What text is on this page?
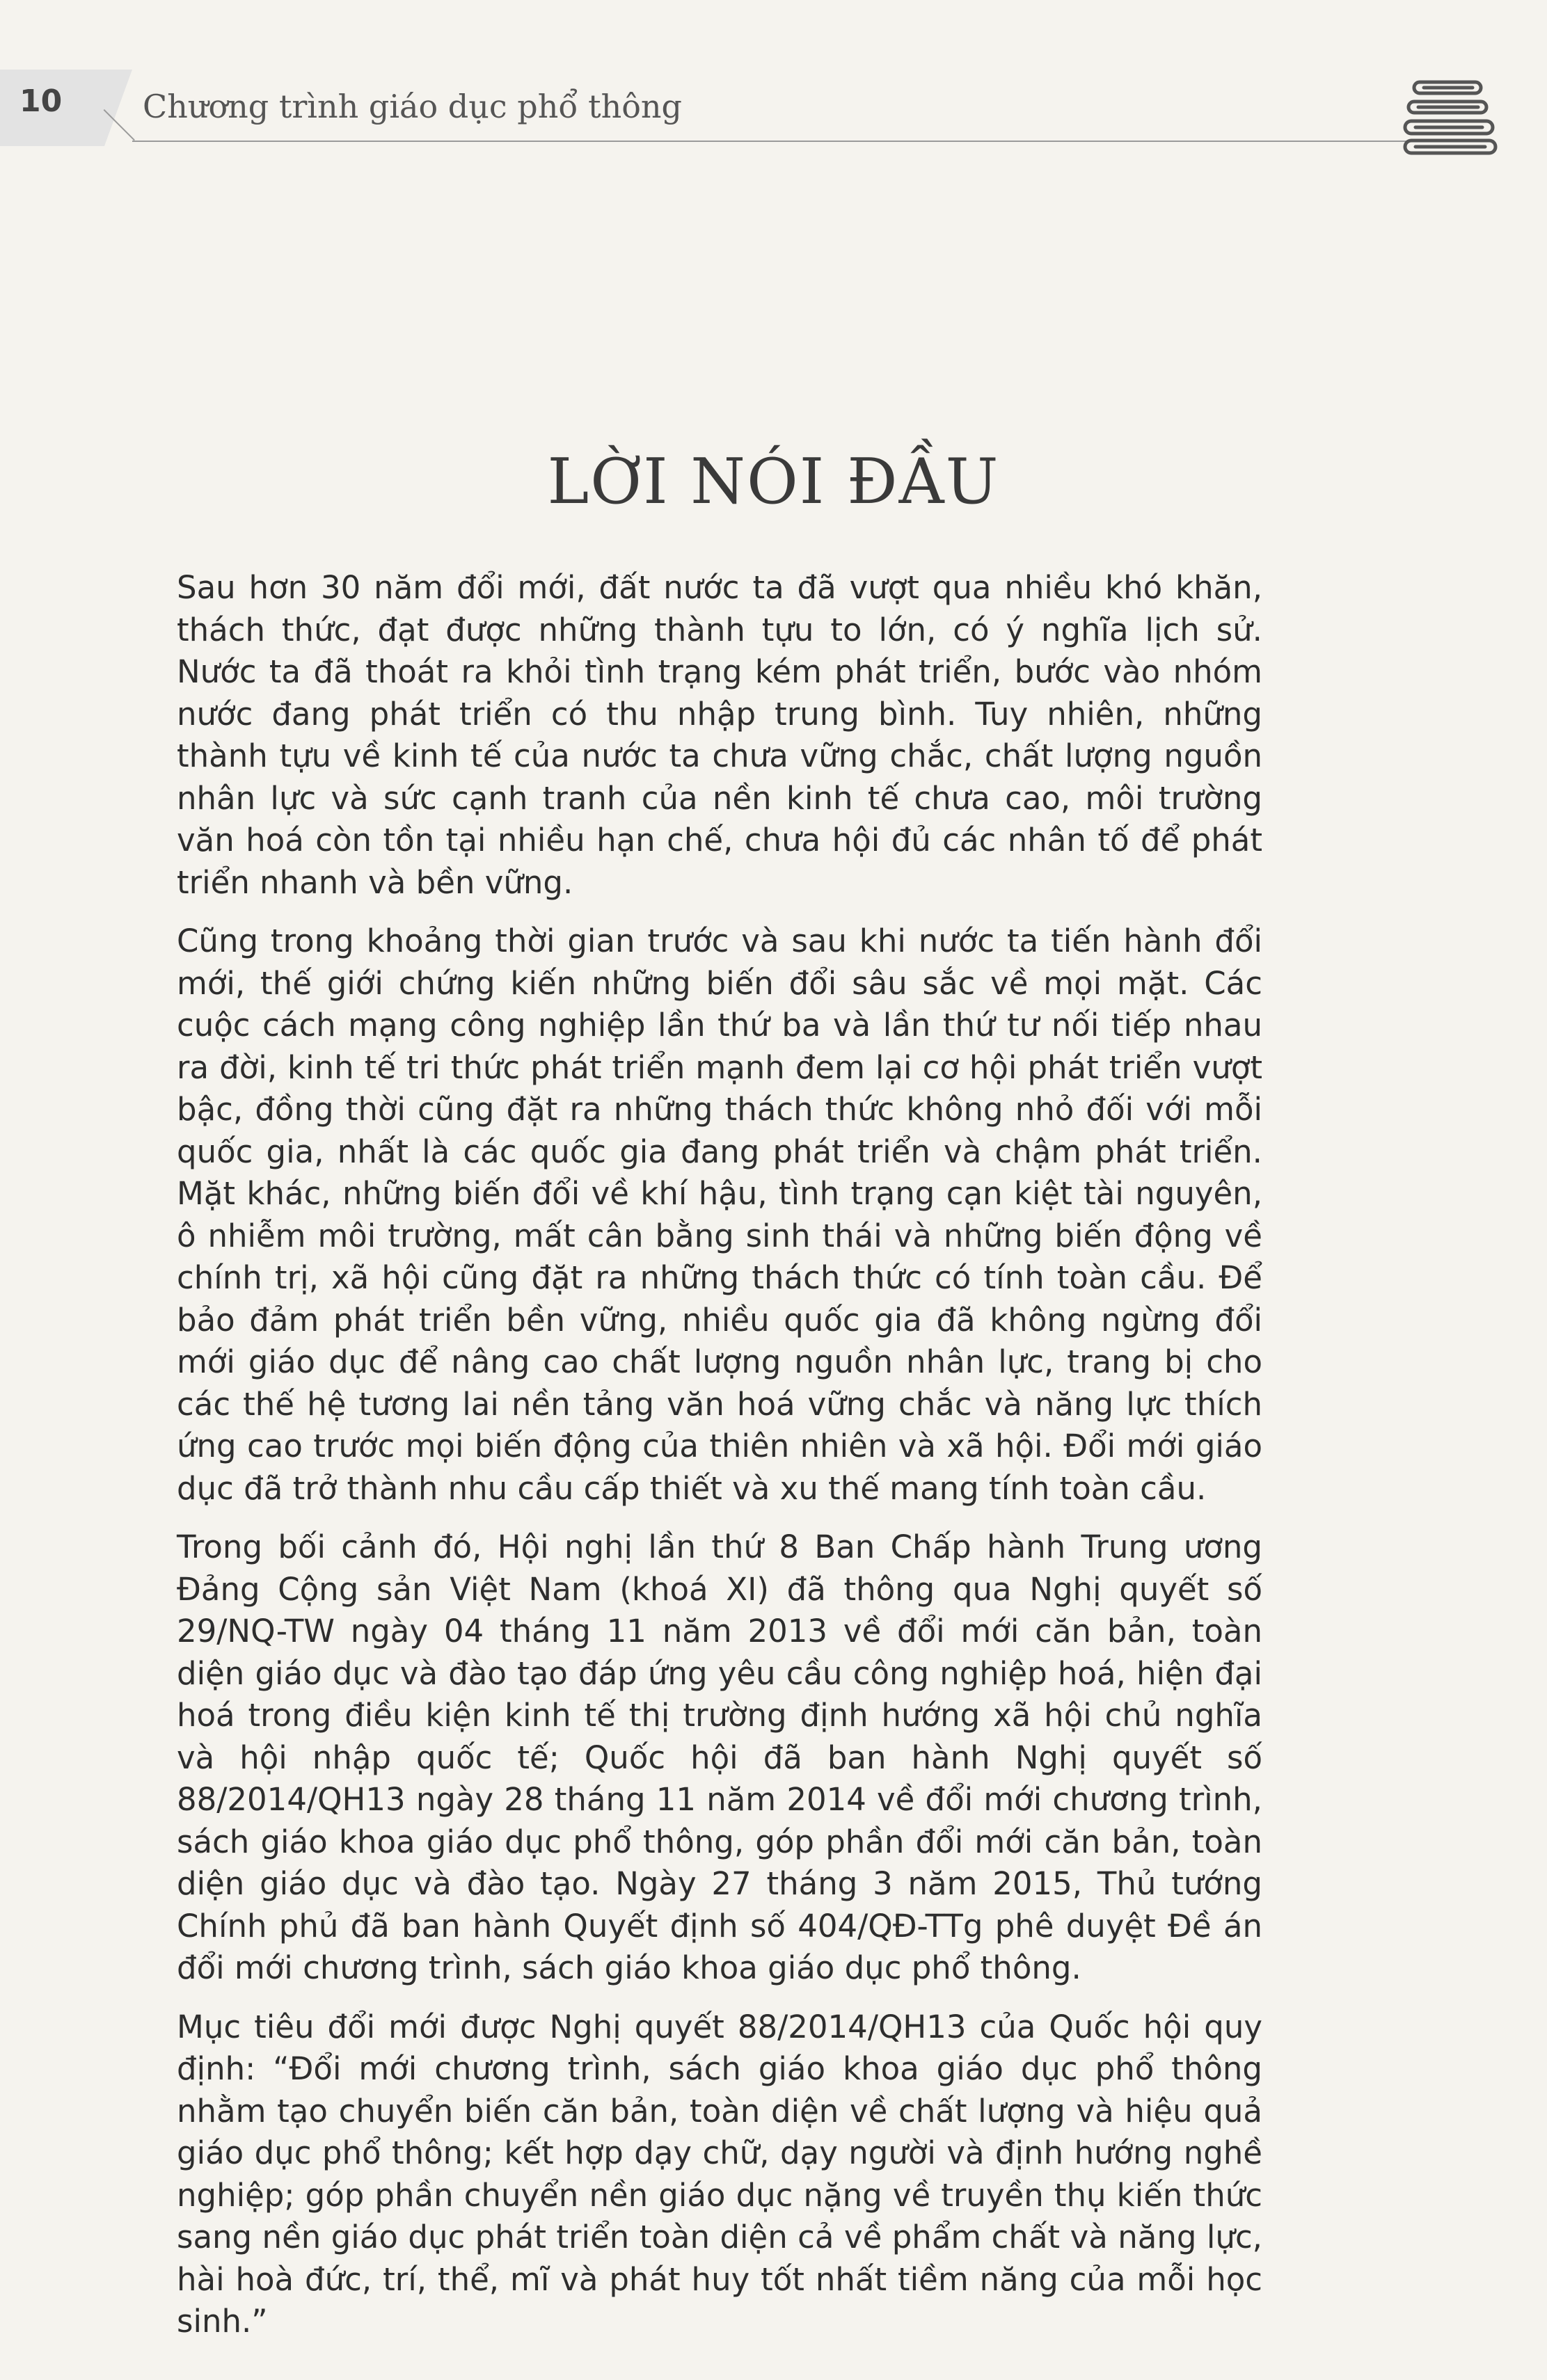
10	Chương trình giáo dục phổ thông
LỜI NÓI ĐẦU

Sau hơn 30 năm đổi mới, đất nước ta đã vượt qua nhiều khó khăn, thách thức, đạt được những thành tựu to lớn, có ý nghĩa lịch sử. Nước ta đã thoát ra khỏi tình trạng kém phát triển, bước vào nhóm nước đang phát triển có thu nhập trung bình. Tuy nhiên, những thành tựu về kinh tế của nước ta chưa vững chắc, chất lượng nguồn nhân lực và sức cạnh tranh của nền kinh tế chưa cao, môi trường văn hoá còn tồn tại nhiều hạn chế, chưa hội đủ các nhân tố để phát triển nhanh và bền vững.

Cũng trong khoảng thời gian trước và sau khi nước ta tiến hành đổi mới, thế giới chứng kiến những biến đổi sâu sắc về mọi mặt. Các cuộc cách mạng công nghiệp lần thứ ba và lần thứ tư nối tiếp nhau ra đời, kinh tế tri thức phát triển mạnh đem lại cơ hội phát triển vượt bậc, đồng thời cũng đặt ra những thách thức không nhỏ đối với mỗi quốc gia, nhất là các quốc gia đang phát triển và chậm phát triển. Mặt khác, những biến đổi về khí hậu, tình trạng cạn kiệt tài nguyên, ô nhiễm môi trường, mất cân bằng sinh thái và những biến động về chính trị, xã hội cũng đặt ra những thách thức có tính toàn cầu. Để bảo đảm phát triển bền vững, nhiều quốc gia đã không ngừng đổi mới giáo dục để nâng cao chất lượng nguồn nhân lực, trang bị cho các thế hệ tương lai nền tảng văn hoá vững chắc và năng lực thích ứng cao trước mọi biến động của thiên nhiên và xã hội. Đổi mới giáo dục đã trở thành nhu cầu cấp thiết và xu thế mang tính toàn cầu.

Trong bối cảnh đó, Hội nghị lần thứ 8 Ban Chấp hành Trung ương Đảng Cộng sản Việt Nam (khoá XI) đã thông qua Nghị quyết số 29/NQ-TW ngày 04 tháng 11 năm 2013 về đổi mới căn bản, toàn diện giáo dục và đào tạo đáp ứng yêu cầu công nghiệp hoá, hiện đại hoá trong điều kiện kinh tế thị trường định hướng xã hội chủ nghĩa và hội nhập quốc tế; Quốc hội đã ban hành Nghị quyết số 88/2014/QH13 ngày 28 tháng 11 năm 2014 về đổi mới chương trình, sách giáo khoa giáo dục phổ thông, góp phần đổi mới căn bản, toàn diện giáo dục và đào tạo. Ngày 27 tháng 3 năm 2015, Thủ tướng Chính phủ đã ban hành Quyết định số 404/QĐ-TTg phê duyệt Đề án đổi mới chương trình, sách giáo khoa giáo dục phổ thông.

Mục tiêu đổi mới được Nghị quyết 88/2014/QH13 của Quốc hội quy định: “Đổi mới chương trình, sách giáo khoa giáo dục phổ thông nhằm tạo chuyển biến căn bản, toàn diện về chất lượng và hiệu quả giáo dục phổ thông; kết hợp dạy chữ, dạy người và định hướng nghề nghiệp; góp phần chuyển nền giáo dục nặng về truyền thụ kiến thức sang nền giáo dục phát triển toàn diện cả về phẩm chất và năng lực, hài hoà đức, trí, thể, mĩ và phát huy tốt nhất tiềm năng của mỗi học sinh.”
